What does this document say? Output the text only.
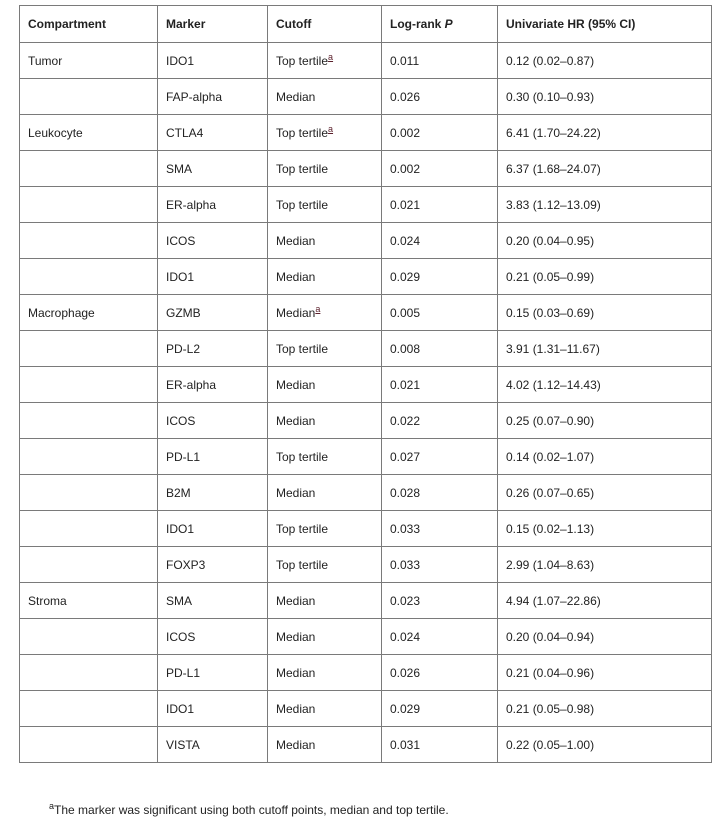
Compartment	Marker	Cutoff	Log-rank P	Univariate HR (95% CI)
Tumor	IDO1	Top tertile$^a$	0.011	0.12 (0.02–0.87)
	FAP-alpha	Median	0.026	0.30 (0.10–0.93)
Leukocyte	CTLA4	Top tertile$^a$	0.002	6.41 (1.70–24.22)
	SMA	Top tertile	0.002	6.37 (1.68–24.07)
	ER-alpha	Top tertile	0.021	3.83 (1.12–13.09)
	ICOS	Median	0.024	0.20 (0.04–0.95)
	IDO1	Median	0.029	0.21 (0.05–0.99)
Macrophage	GZMB	Median$^a$	0.005	0.15 (0.03–0.69)
	PD-L2	Top tertile	0.008	3.91 (1.31–11.67)
	ER-alpha	Median	0.021	4.02 (1.12–14.43)
	ICOS	Median	0.022	0.25 (0.07–0.90)
	PD-L1	Top tertile	0.027	0.14 (0.02–1.07)
	B2M	Median	0.028	0.26 (0.07–0.65)
	IDO1	Top tertile	0.033	0.15 (0.02–1.13)
	FOXP3	Top tertile	0.033	2.99 (1.04–8.63)
Stroma	SMA	Median	0.023	4.94 (1.07–22.86)
	ICOS	Median	0.024	0.20 (0.04–0.94)
	PD-L1	Median	0.026	0.21 (0.04–0.96)
	IDO1	Median	0.029	0.21 (0.05–0.98)
	VISTA	Median	0.031	0.22 (0.05–1.00)
$^a$The marker was significant using both cutoff points, median and top tertile.
